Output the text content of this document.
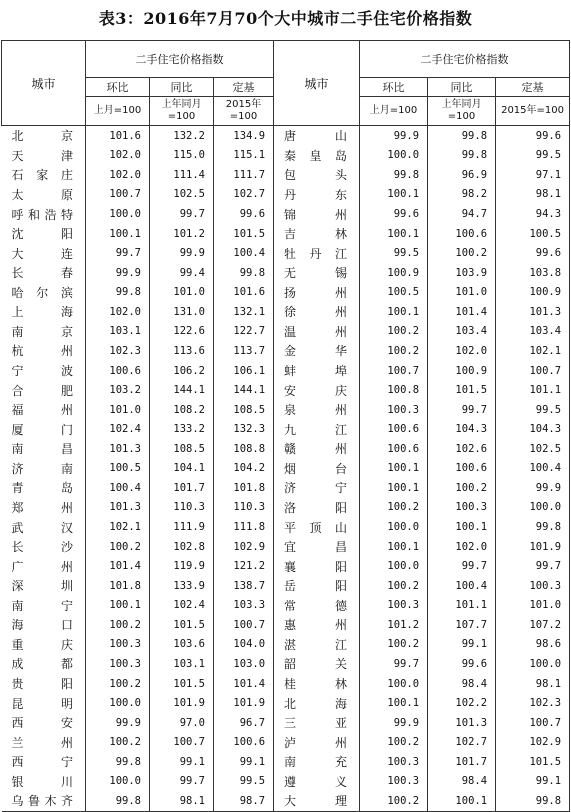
表3：2016年7月70个大中城市二手住宅价格指数
城市	二手住宅价格指数			城市	二手住宅价格指数		
	环比	同比	定基		环比	同比	定基
	上月=100	上年同月=100	2015年=100		上月=100	上年同月=100	2015年=100
北京	101.6	132.2	134.9	唐山	99.9	99.8	99.6
天津	102.0	115.0	115.1	秦皇岛	100.0	99.8	99.5
石家庄	102.0	111.4	111.7	包头	99.8	96.9	97.1
太原	100.7	102.5	102.7	丹东	100.1	98.2	98.1
呼和浩特	100.0	99.7	99.6	锦州	99.6	94.7	94.3
沈阳	100.1	101.2	101.5	吉林	100.1	100.6	100.5
大连	99.7	99.9	100.4	牡丹江	99.5	100.2	99.6
长春	99.9	99.4	99.8	无锡	100.9	103.9	103.8
哈尔滨	99.8	101.0	101.6	扬州	100.5	101.0	100.9
上海	102.0	131.0	132.1	徐州	100.1	101.4	101.3
南京	103.1	122.6	122.7	温州	100.2	103.4	103.4
杭州	102.3	113.6	113.7	金华	100.2	102.0	102.1
宁波	100.6	106.2	106.1	蚌埠	100.7	100.9	100.7
合肥	103.2	144.1	144.1	安庆	100.8	101.5	101.1
福州	101.0	108.2	108.5	泉州	100.3	99.7	99.5
厦门	102.4	133.2	132.3	九江	100.6	104.3	104.3
南昌	101.3	108.5	108.8	赣州	100.6	102.6	102.5
济南	100.5	104.1	104.2	烟台	100.1	100.6	100.4
青岛	100.4	101.7	101.8	济宁	100.1	100.2	99.9
郑州	101.3	110.3	110.3	洛阳	100.2	100.3	100.0
武汉	102.1	111.9	111.8	平顶山	100.0	100.1	99.8
长沙	100.2	102.8	102.9	宜昌	100.1	102.0	101.9
广州	101.4	119.9	121.2	襄阳	100.0	99.7	99.7
深圳	101.8	133.9	138.7	岳阳	100.2	100.4	100.3
南宁	100.1	102.4	103.3	常德	100.3	101.1	101.0
海口	100.2	101.5	100.7	惠州	101.2	107.7	107.2
重庆	100.3	103.6	104.0	湛江	100.2	99.1	98.6
成都	100.3	103.1	103.0	韶关	99.7	99.6	100.0
贵阳	100.2	101.5	101.4	桂林	100.0	98.4	98.1
昆明	100.0	101.9	101.9	北海	100.1	102.2	102.3
西安	99.9	97.0	96.7	三亚	99.9	101.3	100.7
兰州	100.2	100.7	100.6	泸州	100.2	102.7	102.9
西宁	99.8	99.1	99.1	南充	100.3	101.7	101.5
银川	100.0	99.7	99.5	遵义	100.3	98.4	99.1
乌鲁木齐	99.8	98.1	98.7	大理	100.2	100.1	99.8
